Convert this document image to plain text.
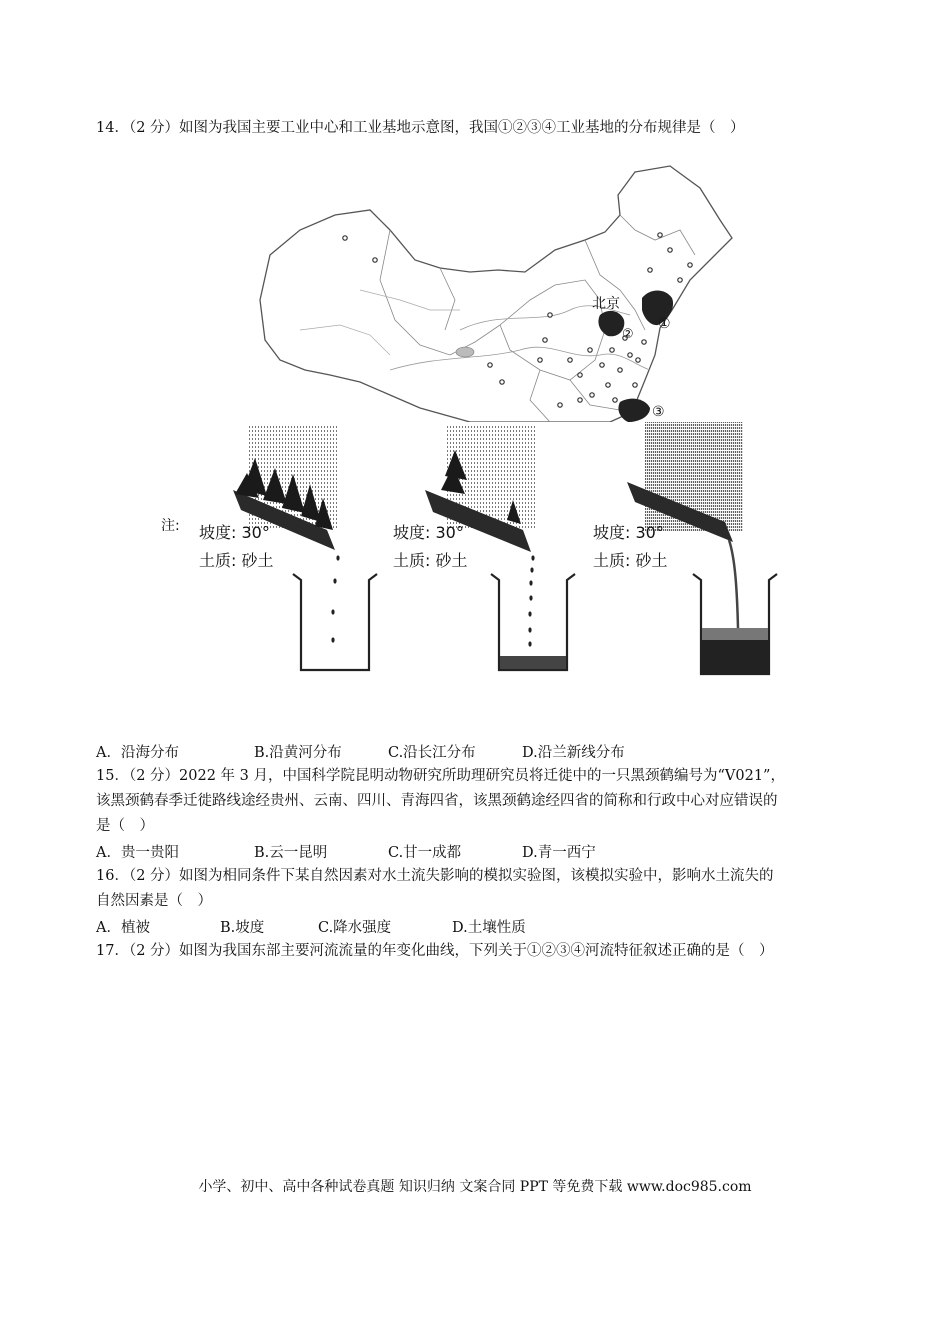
14．（2 分）如图为我国主要工业中心和工业基地示意图，我国①②③④工业基地的分布规律是（　）
北京
①
②
③
注: 坡度: 30°
土质: 砂土
坡度: 30°
土质: 砂土
坡度: 30°
土质: 砂土
A．沿海分布	B.沿黄河分布	C.沿长江分布	D.沿兰新线分布
15．（2 分）2022 年 3 月，中国科学院昆明动物研究所助理研究员将迁徙中的一只黑颈鹤编号为“V021”，
该黑颈鹤春季迁徙路线途经贵州、云南、四川、青海四省，该黑颈鹤途经四省的简称和行政中心对应错误的
是（　）
A．贵一贵阳	B.云一昆明	C.甘一成都	D.青一西宁
16．（2 分）如图为相同条件下某自然因素对水土流失影响的模拟实验图，该模拟实验中，影响水土流失的
自然因素是（　）
A．植被	B.坡度	C.降水强度	D.土壤性质
17．（2 分）如图为我国东部主要河流流量的年变化曲线，下列关于①②③④河流特征叙述正确的是（　）
小学、初中、高中各种试卷真题 知识归纳 文案合同 PPT 等免费下载 www.doc985.com
